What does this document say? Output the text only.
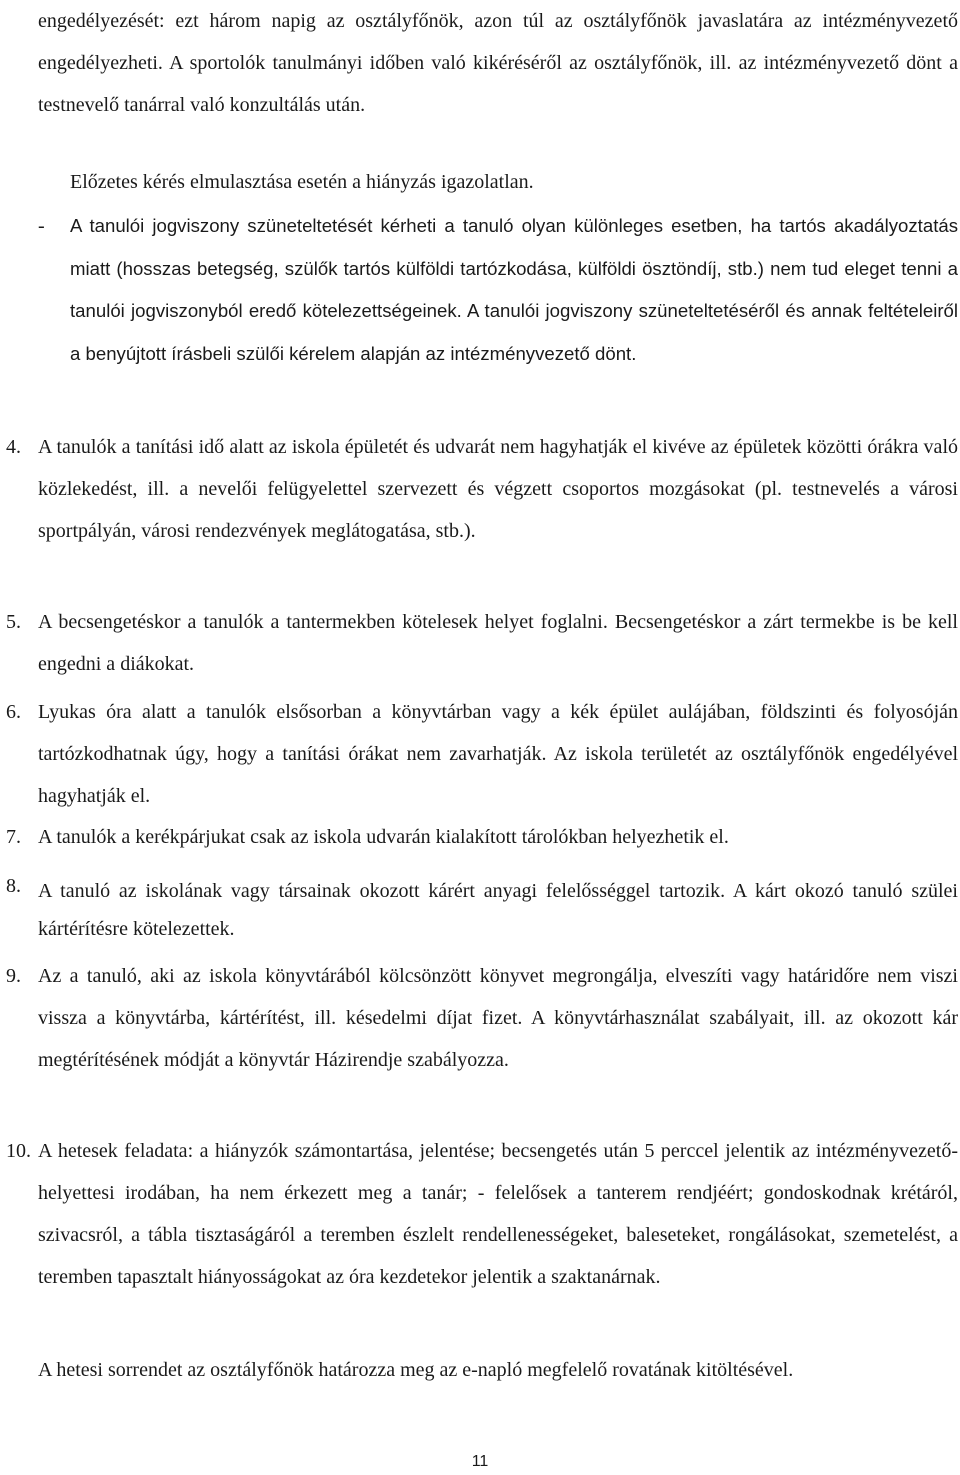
engedélyezését: ezt három napig az osztályfőnök, azon túl az osztályfőnök javaslatára az intézményvezető engedélyezheti. A sportolók tanulmányi időben való kikéréséről az osztályfőnök, ill. az intézményvezető dönt a testnevelő tanárral való konzultálás után.

Előzetes kérés elmulasztása esetén a hiányzás igazolatlan.

- A tanulói jogviszony szüneteltetését kérheti a tanuló olyan különleges esetben, ha tartós akadályoztatás miatt (hosszas betegség, szülők tartós külföldi tartózkodása, külföldi ösztöndíj, stb.) nem tud eleget tenni a tanulói jogviszonyból eredő kötelezettségeinek. A tanulói jogviszony szüneteltetéséről és annak feltételeiről a benyújtott írásbeli szülői kérelem alapján az intézményvezető dönt.

4. A tanulók a tanítási idő alatt az iskola épületét és udvarát nem hagyhatják el kivéve az épületek közötti órákra való közlekedést, ill. a nevelői felügyelettel szervezett és végzett csoportos mozgásokat (pl. testnevelés a városi sportpályán, városi rendezvények meglátogatása, stb.).

5. A becsengetéskor a tanulók a tantermekben kötelesek helyet foglalni. Becsengetéskor a zárt termekbe is be kell engedni a diákokat.

6. Lyukas óra alatt a tanulók elsősorban a könyvtárban vagy a kék épület aulájában, földszinti és folyosóján tartózkodhatnak úgy, hogy a tanítási órákat nem zavarhatják. Az iskola területét az osztályfőnök engedélyével hagyhatják el.

7. A tanulók a kerékpárjukat csak az iskola udvarán kialakított tárolókban helyezhetik el.

8. A tanuló az iskolának vagy társainak okozott kárért anyagi felelősséggel tartozik. A kárt okozó tanuló szülei kártérítésre kötelezettek.

9. Az a tanuló, aki az iskola könyvtárából kölcsönzött könyvet megrongálja, elveszíti vagy határidőre nem viszi vissza a könyvtárba, kártérítést, ill. késedelmi díjat fizet. A könyvtárhasználat szabályait, ill. az okozott kár megtérítésének módját a könyvtár Házirendje szabályozza.

10. A hetesek feladata: a hiányzók számontartása, jelentése; becsengetés után 5 perccel jelentik az intézményvezető-helyettesi irodában, ha nem érkezett meg a tanár; - felelősek a tanterem rendjéért; gondoskodnak krétáról, szivacsról, a tábla tisztaságáról a teremben észlelt rendellenességeket, baleseteket, rongálásokat, szemetelést, a teremben tapasztalt hiányosságokat az óra kezdetekor jelentik a szaktanárnak.

A hetesi sorrendet az osztályfőnök határozza meg az e-napló megfelelő rovatának kitöltésével.

11
